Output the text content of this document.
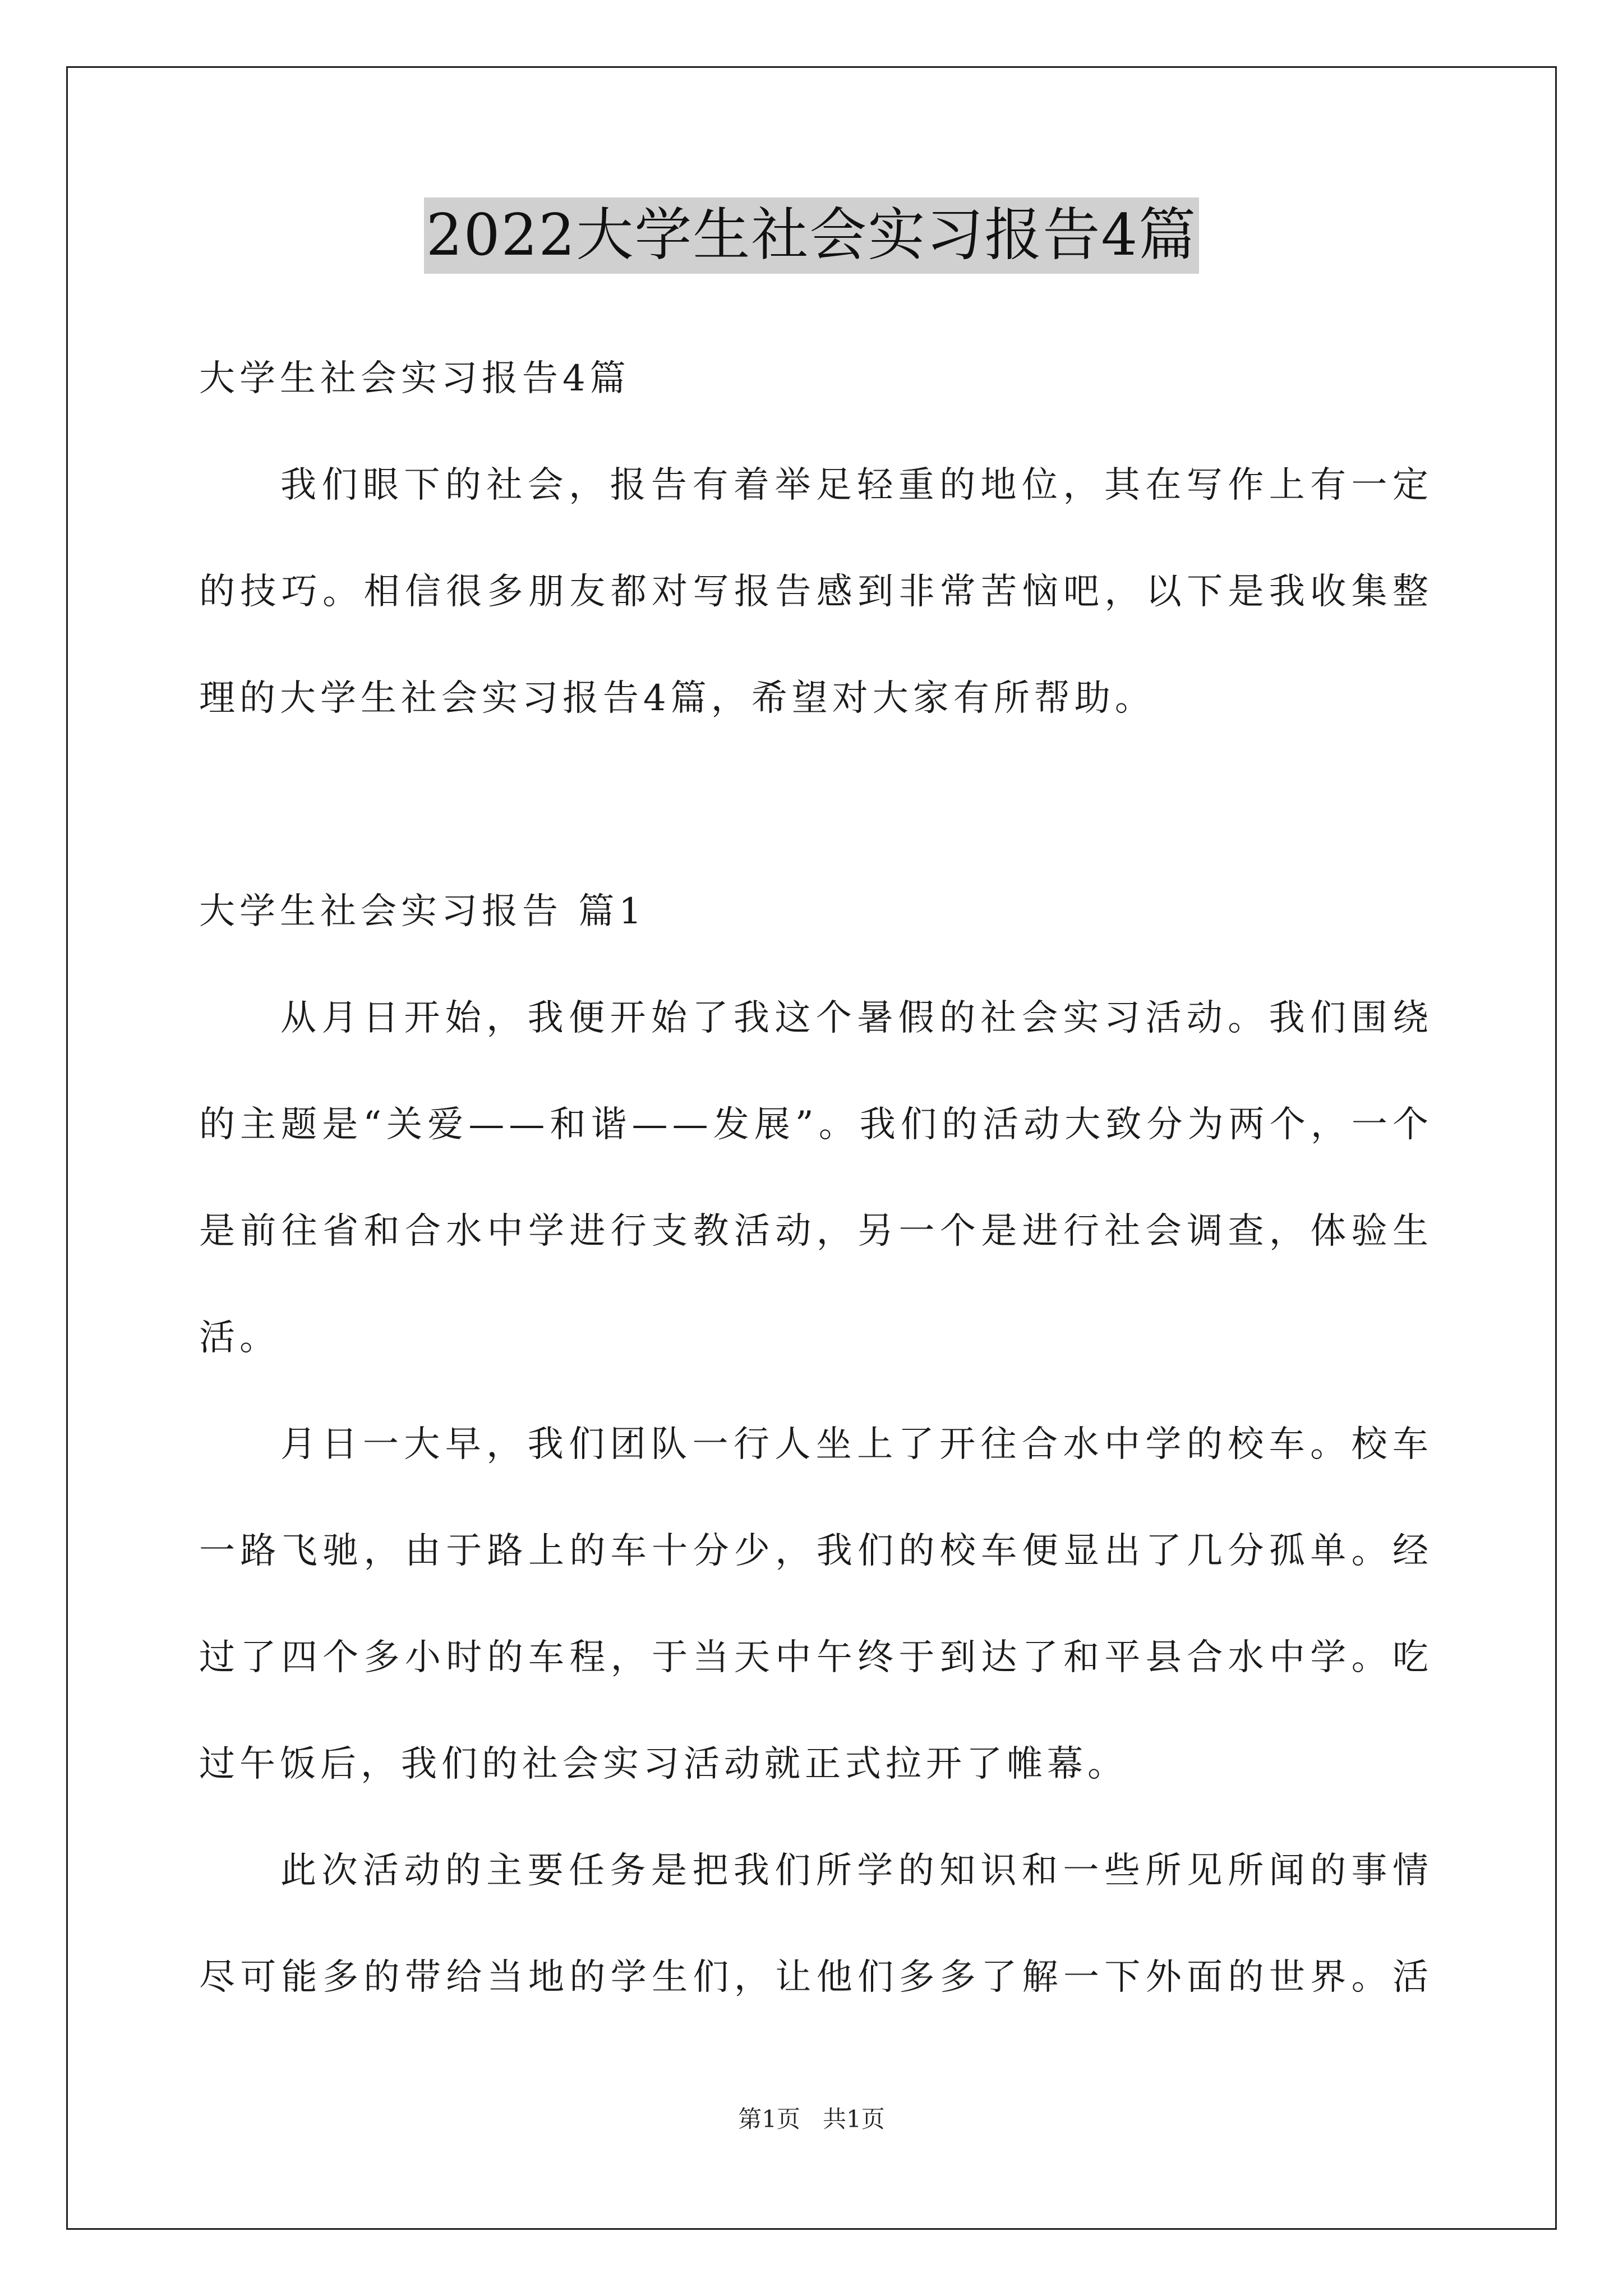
2022大学生社会实习报告4篇
大学生社会实习报告4篇
我们眼下的社会，报告有着举足轻重的地位，其在写作上有一定
的技巧。相信很多朋友都对写报告感到非常苦恼吧，以下是我收集整
理的大学生社会实习报告4篇，希望对大家有所帮助。
大学生社会实习报告 篇1
从月日开始，我便开始了我这个暑假的社会实习活动。我们围绕
的主题是“关爱——和谐——发展”。我们的活动大致分为两个，一个
是前往省和合水中学进行支教活动，另一个是进行社会调查，体验生
活。
月日一大早，我们团队一行人坐上了开往合水中学的校车。校车
一路飞驰，由于路上的车十分少，我们的校车便显出了几分孤单。经
过了四个多小时的车程，于当天中午终于到达了和平县合水中学。吃
过午饭后，我们的社会实习活动就正式拉开了帷幕。
此次活动的主要任务是把我们所学的知识和一些所见所闻的事情
尽可能多的带给当地的学生们，让他们多多了解一下外面的世界。活
第1页   共1页
